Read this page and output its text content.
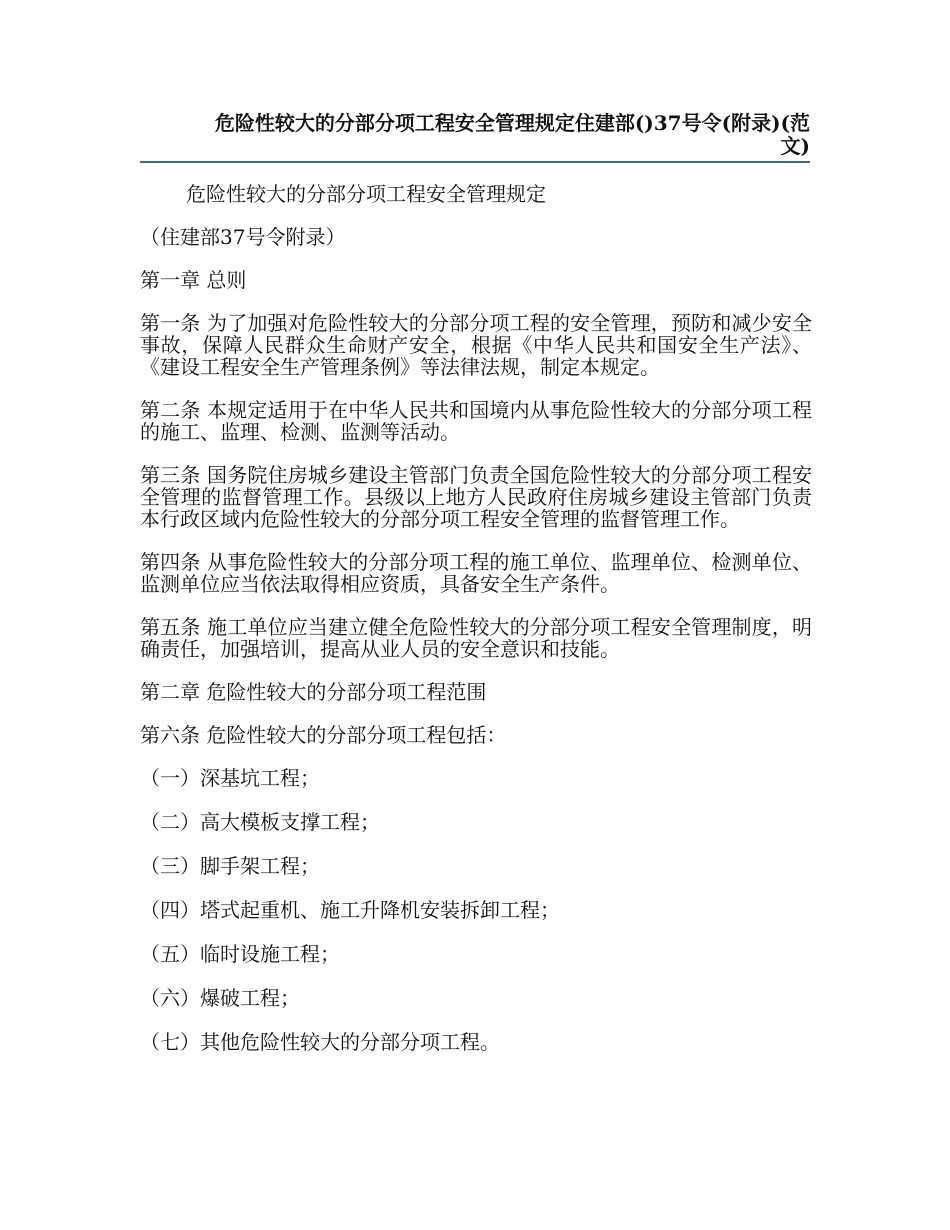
危险性较大的分部分项工程安全管理规定住建部()37号令(附录)(范文)

危险性较大的分部分项工程安全管理规定

（住建部37号令附录）

第一章 总则

第一条 为了加强对危险性较大的分部分项工程的安全管理，预防和减少安全事故，保障人民群众生命财产安全，根据《中华人民共和国安全生产法》、《建设工程安全生产管理条例》等法律法规，制定本规定。

第二条 本规定适用于在中华人民共和国境内从事危险性较大的分部分项工程的施工、监理、检测、监测等活动。

第三条 国务院住房城乡建设主管部门负责全国危险性较大的分部分项工程安全管理的监督管理工作。县级以上地方人民政府住房城乡建设主管部门负责本行政区域内危险性较大的分部分项工程安全管理的监督管理工作。

第四条 从事危险性较大的分部分项工程的施工单位、监理单位、检测单位、监测单位应当依法取得相应资质，具备安全生产条件。

第五条 施工单位应当建立健全危险性较大的分部分项工程安全管理制度，明确责任，加强培训，提高从业人员的安全意识和技能。

第二章 危险性较大的分部分项工程范围

第六条 危险性较大的分部分项工程包括：

（一）深基坑工程；

（二）高大模板支撑工程；

（三）脚手架工程；

（四）塔式起重机、施工升降机安装拆卸工程；

（五）临时设施工程；

（六）爆破工程；

（七）其他危险性较大的分部分项工程。
